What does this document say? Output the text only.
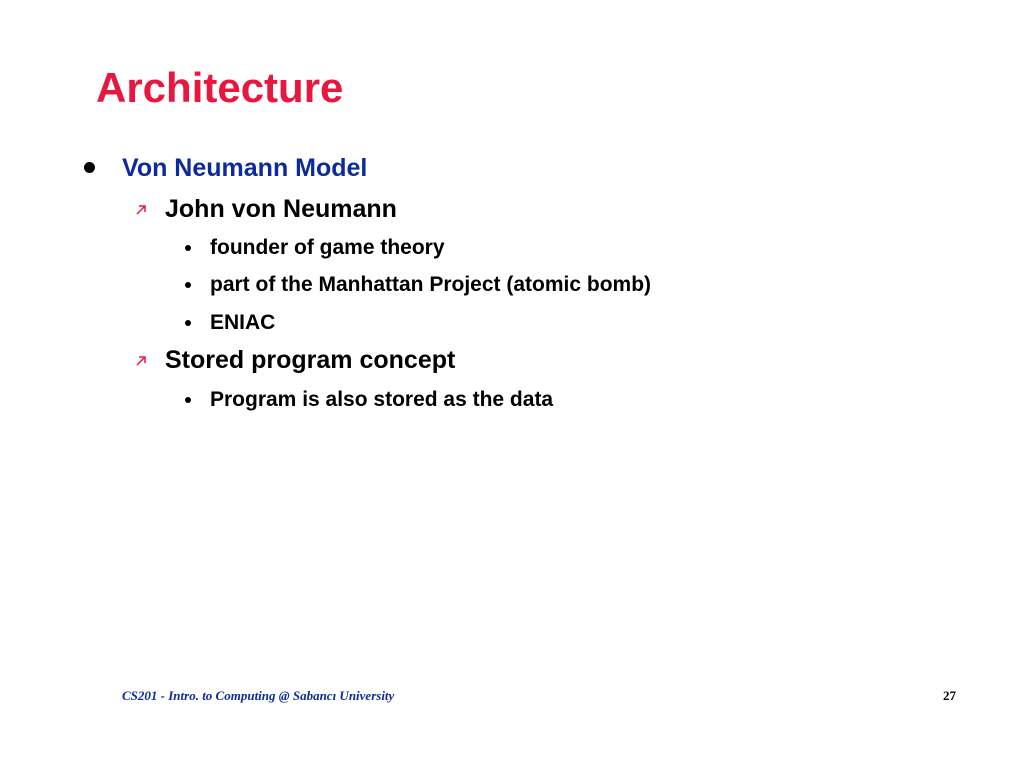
Architecture
Von Neumann Model
John von Neumann
founder of game theory
part of the Manhattan Project (atomic bomb)
ENIAC
Stored program concept
Program is also stored as the data
CS201 - Intro. to Computing @ Sabancı University	27
